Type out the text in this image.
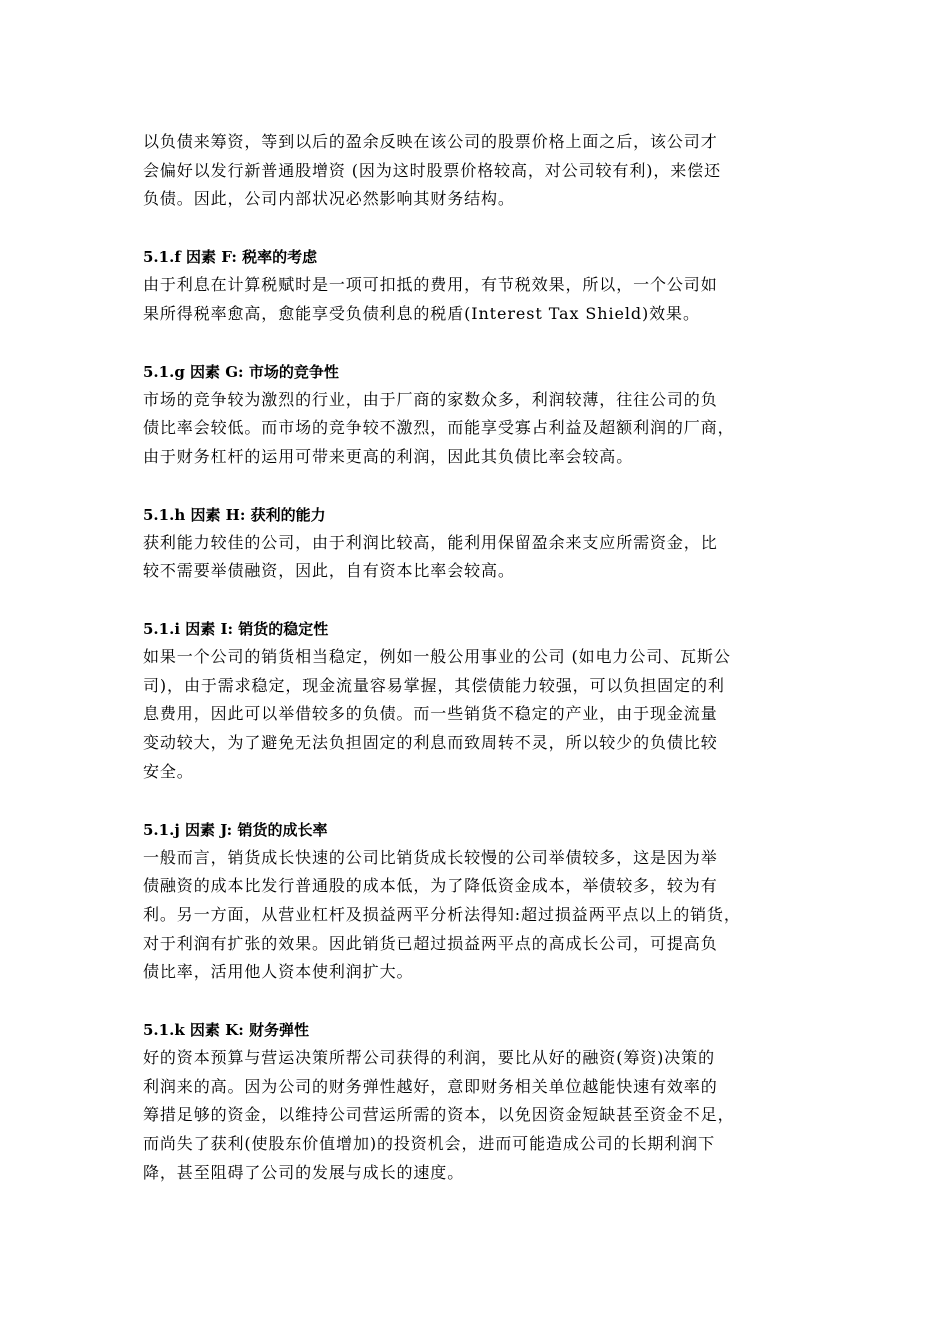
以负债来筹资，等到以后的盈余反映在该公司的股票价格上面之后，该公司才
会偏好以发行新普通股增资 (因为这时股票价格较高，对公司较有利)，来偿还
负债。因此，公司内部状况必然影响其财务结构。

5.1.f 因素 F: 税率的考虑

由于利息在计算税赋时是一项可扣抵的费用，有节税效果，所以，一个公司如
果所得税率愈高，愈能享受负债利息的税盾(Interest Tax Shield)效果。

5.1.g 因素 G: 市场的竞争性

市场的竞争较为激烈的行业，由于厂商的家数众多，利润较薄，往往公司的负
债比率会较低。而市场的竞争较不激烈，而能享受寡占利益及超额利润的厂商，
由于财务杠杆的运用可带来更高的利润，因此其负债比率会较高。

5.1.h 因素 H: 获利的能力

获利能力较佳的公司，由于利润比较高，能利用保留盈余来支应所需资金，比
较不需要举债融资，因此，自有资本比率会较高。

5.1.i 因素 I: 销货的稳定性

如果一个公司的销货相当稳定，例如一般公用事业的公司 (如电力公司、瓦斯公
司)，由于需求稳定，现金流量容易掌握，其偿债能力较强，可以负担固定的利
息费用，因此可以举借较多的负债。而一些销货不稳定的产业，由于现金流量
变动较大，为了避免无法负担固定的利息而致周转不灵，所以较少的负债比较
安全。

5.1.j 因素 J: 销货的成长率

一般而言，销货成长快速的公司比销货成长较慢的公司举债较多，这是因为举
债融资的成本比发行普通股的成本低，为了降低资金成本，举债较多，较为有
利。另一方面，从营业杠杆及损益两平分析法得知:超过损益两平点以上的销货，
对于利润有扩张的效果。因此销货已超过损益两平点的高成长公司，可提高负
债比率，活用他人资本使利润扩大。

5.1.k 因素 K: 财务弹性

好的资本预算与营运决策所帮公司获得的利润，要比从好的融资(筹资)决策的
利润来的高。因为公司的财务弹性越好，意即财务相关单位越能快速有效率的
筹措足够的资金，以维持公司营运所需的资本，以免因资金短缺甚至资金不足，
而尚失了获利(使股东价值增加)的投资机会，进而可能造成公司的长期利润下
降，甚至阻碍了公司的发展与成长的速度。
